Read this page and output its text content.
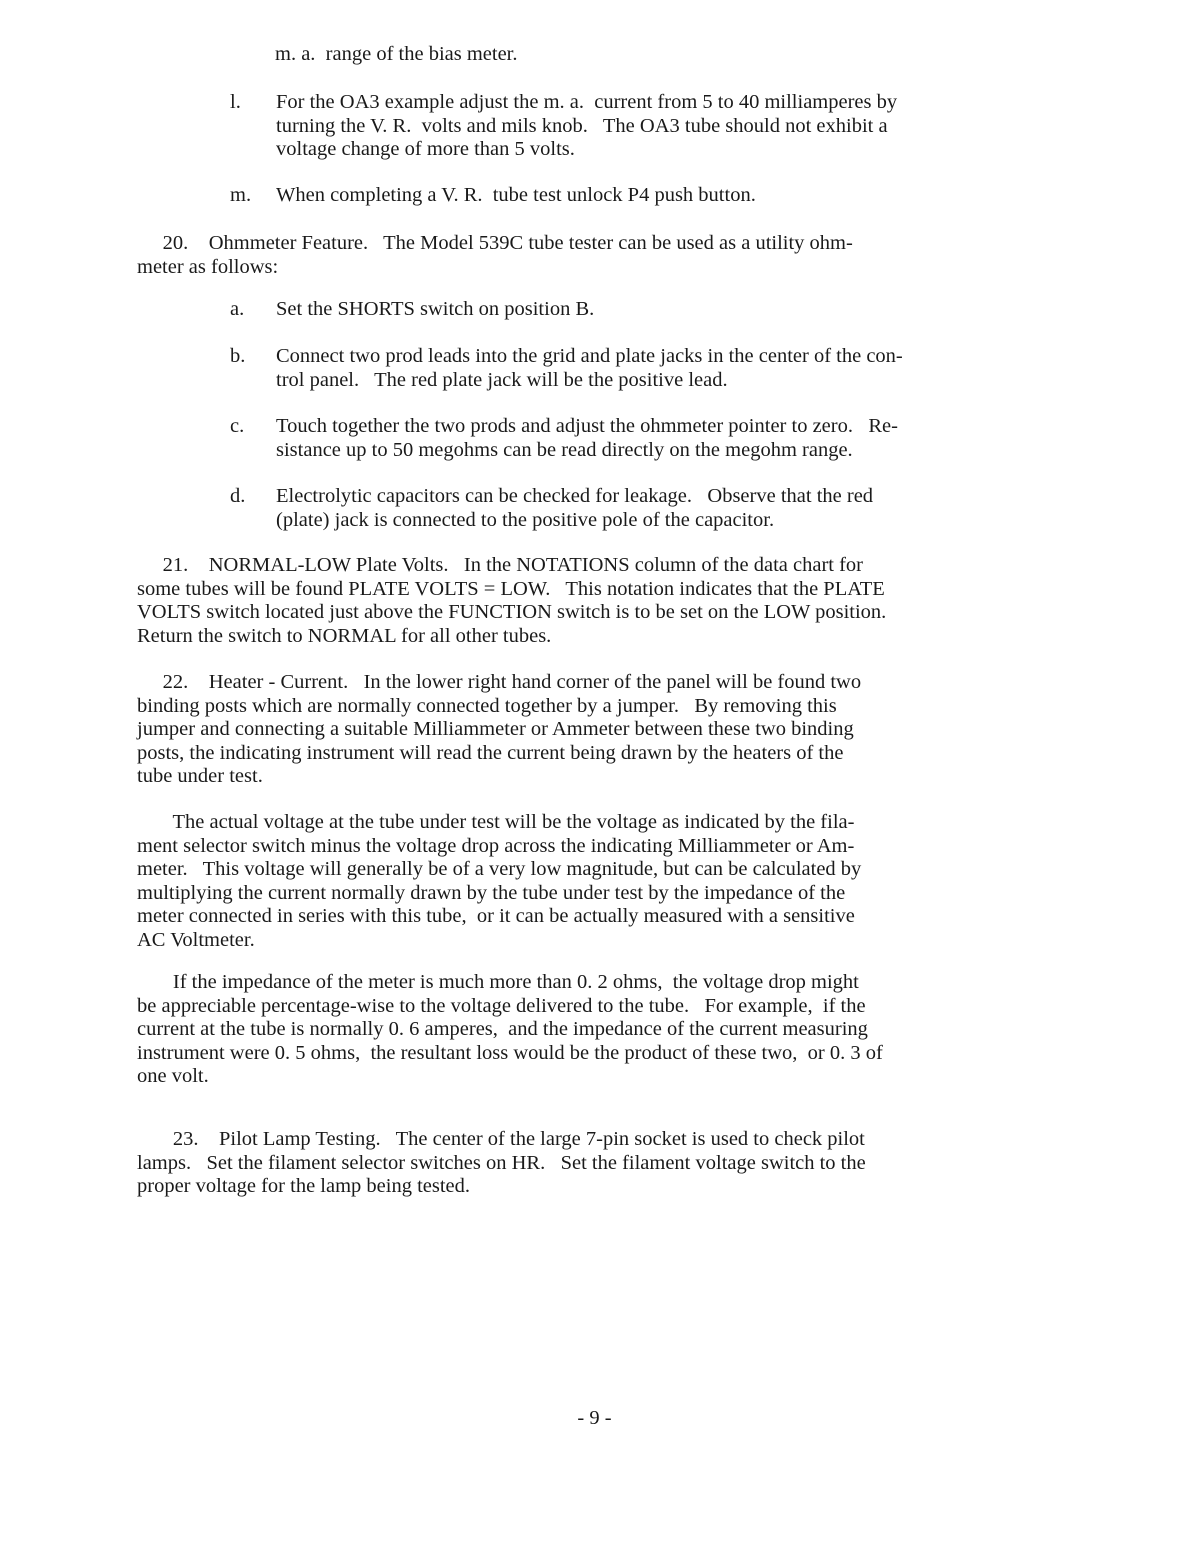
m. a.  range of the bias meter.

l. For the OA3 example adjust the m. a.  current from 5 to 40 milliamperes by
turning the V. R.  volts and mils knob.   The OA3 tube should not exhibit a
voltage change of more than 5 volts.
m. When completing a V. R.  tube test unlock P4 push button.

20.    Ohmmeter Feature.   The Model 539C tube tester can be used as a utility ohm-
meter as follows:

a. Set the SHORTS switch on position B.
b. Connect two prod leads into the grid and plate jacks in the center of the con-
trol panel.   The red plate jack will be the positive lead.
c. Touch together the two prods and adjust the ohmmeter pointer to zero.   Re-
sistance up to 50 megohms can be read directly on the megohm range.
d. Electrolytic capacitors can be checked for leakage.   Observe that the red
(plate) jack is connected to the positive pole of the capacitor.

21.    NORMAL-LOW Plate Volts.   In the NOTATIONS column of the data chart for
some tubes will be found PLATE VOLTS = LOW.   This notation indicates that the PLATE
VOLTS switch located just above the FUNCTION switch is to be set on the LOW position.
Return the switch to NORMAL for all other tubes.

22.    Heater - Current.   In the lower right hand corner of the panel will be found two
binding posts which are normally connected together by a jumper.   By removing this
jumper and connecting a suitable Milliammeter or Ammeter between these two binding
posts, the indicating instrument will read the current being drawn by the heaters of the
tube under test.

The actual voltage at the tube under test will be the voltage as indicated by the fila-
ment selector switch minus the voltage drop across the indicating Milliammeter or Am-
meter.   This voltage will generally be of a very low magnitude, but can be calculated by
multiplying the current normally drawn by the tube under test by the impedance of the
meter connected in series with this tube,  or it can be actually measured with a sensitive
AC Voltmeter.

If the impedance of the meter is much more than 0. 2 ohms,  the voltage drop might
be appreciable percentage-wise to the voltage delivered to the tube.   For example,  if the
current at the tube is normally 0. 6 amperes,  and the impedance of the current measuring
instrument were 0. 5 ohms,  the resultant loss would be the product of these two,  or 0. 3 of
one volt.

23.    Pilot Lamp Testing.   The center of the large 7-pin socket is used to check pilot
lamps.   Set the filament selector switches on HR.   Set the filament voltage switch to the
proper voltage for the lamp being tested.

- 9 -
